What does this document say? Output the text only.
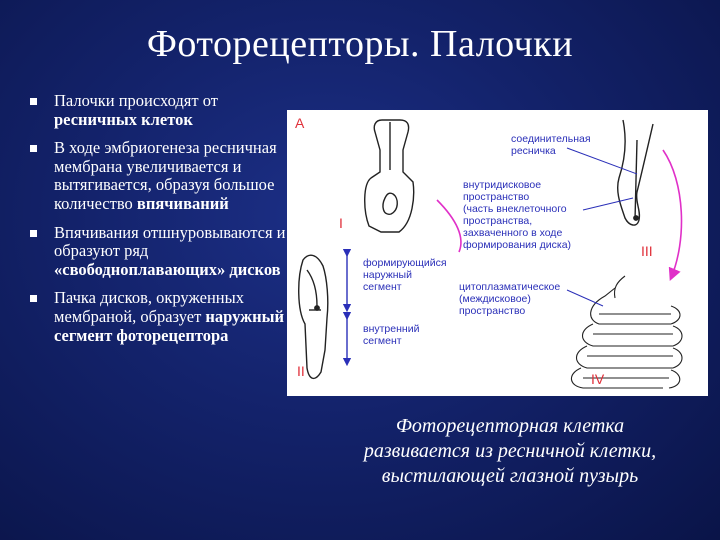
Фоторецепторы. Палочки
Палочки происходят от ресничных клеток
В ходе эмбриогенеза ресничная мембрана увеличивается и вытягивается, образуя большое количество впячиваний
Впячивания отшнуровываются и образуют ряд «свободноплавающих» дисков
Пачка дисков, окруженных мембраной, образует наружный сегмент фоторецептора
А
I
II
III
IV
соединительная
ресничка
внутридисковое
пространство
(часть внеклеточного
пространства,
захваченного в ходе
формирования диска)
формирующийся
наружный
сегмент
внутренний
сегмент
цитоплазматическое
(междисковое)
пространство
Фоторецепторная клетка
развивается из ресничной клетки,
выстилающей глазной пузырь
